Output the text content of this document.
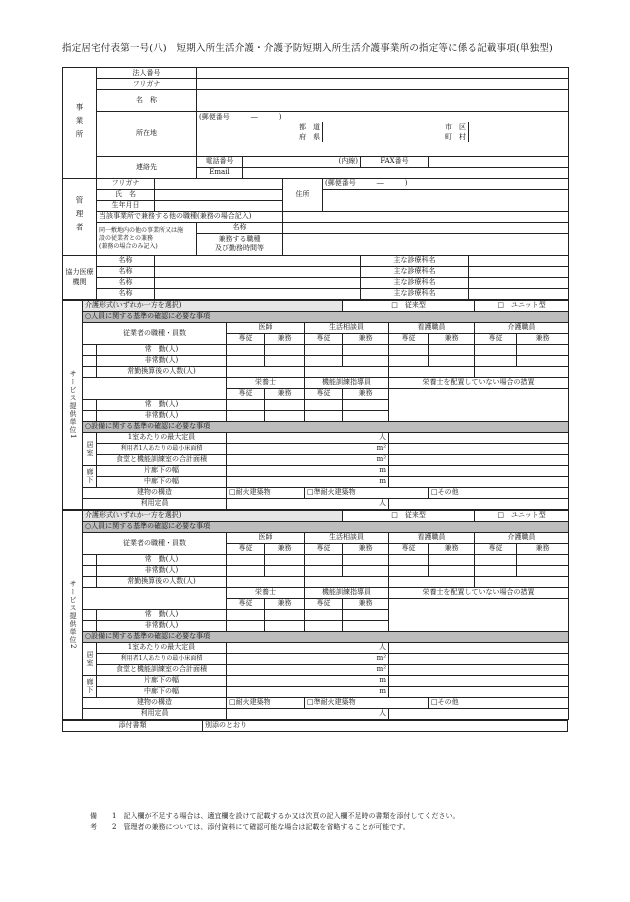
指定居宅付表第一号(八)　短期入所生活介護・介護予防短期入所生活介護事業所の指定等に係る記載事項(単独型)
事業所	法人番号								
	フリガナ								
	名　称								
	所在地		(郵便番号　　　―　　　)						
			都　道			市　区			
			府　県			町　村			

	連絡先		電話番号	(内線)			FAX番号		
			Email						
管理者	フリガナ				住所	(郵便番号　　　―　　　)			
	氏　名								
	生年月日								
	当該事業所で兼務する他の職種(兼務の場合記入)								
	同一敷地内の他の事業所又は施
設の従業者との兼務
(兼務の場合のみ記入)		名称						
			兼務する職種
及び勤務時間等						
協力医療機関	名称						主な診療科名		
	名称						主な診療科名		
	名称						主な診療科名		
	名称						主な診療科名		
サービス提供単位1	介護形式(いずれか一方を選択)					□　従来型			□　ユニット型	
	○人員に関する基準の確認に必要な事項									
	従業者の職種・員数		医師		生活相談員		看護職員		介護職員	
			専従	兼務	専従	兼務	専従	兼務	専従	兼務
		常　勤(人)								
		非常勤(人)								
		常勤換算後の人数(人)								
			栄養士		機能訓練指導員		栄養士を配置していない場合の措置			
			専従	兼務	専従	兼務				
		常　勤(人)								
		非常勤(人)								
	○設備に関する基準の確認に必要な事項									
	居室	1室あたりの最大定員	人							
		利用者1人あたりの最小床面積	m²							
		食堂と機能訓練室の合計面積	m²							
	廊下	片廊下の幅	m							
		中廊下の幅	m							
	建物の構造		□耐火建築物		□準耐火建築物			□その他		
	利用定員		人							
サービス提供単位2	介護形式(いずれか一方を選択)					□　従来型			□　ユニット型	
	○人員に関する基準の確認に必要な事項									
	従業者の職種・員数		医師		生活相談員		看護職員		介護職員	
			専従	兼務	専従	兼務	専従	兼務	専従	兼務
		常　勤(人)								
		非常勤(人)								
		常勤換算後の人数(人)								
			栄養士		機能訓練指導員		栄養士を配置していない場合の措置			
			専従	兼務	専従	兼務				
		常　勤(人)								
		非常勤(人)								
	○設備に関する基準の確認に必要な事項									
	居室	1室あたりの最大定員	人							
		利用者1人あたりの最小床面積	m²							
		食堂と機能訓練室の合計面積	m²							
	廊下	片廊下の幅	m							
		中廊下の幅	m							
	建物の構造		□耐火建築物		□準耐火建築物			□その他		
	利用定員		人							
添付書類	別添のとおり
備考
1　記入欄が不足する場合は、適宜欄を設けて記載するか又は次頁の記入欄不足時の書類を添付してください。
2　管理者の兼務については、添付資料にて確認可能な場合は記載を省略することが可能です。
